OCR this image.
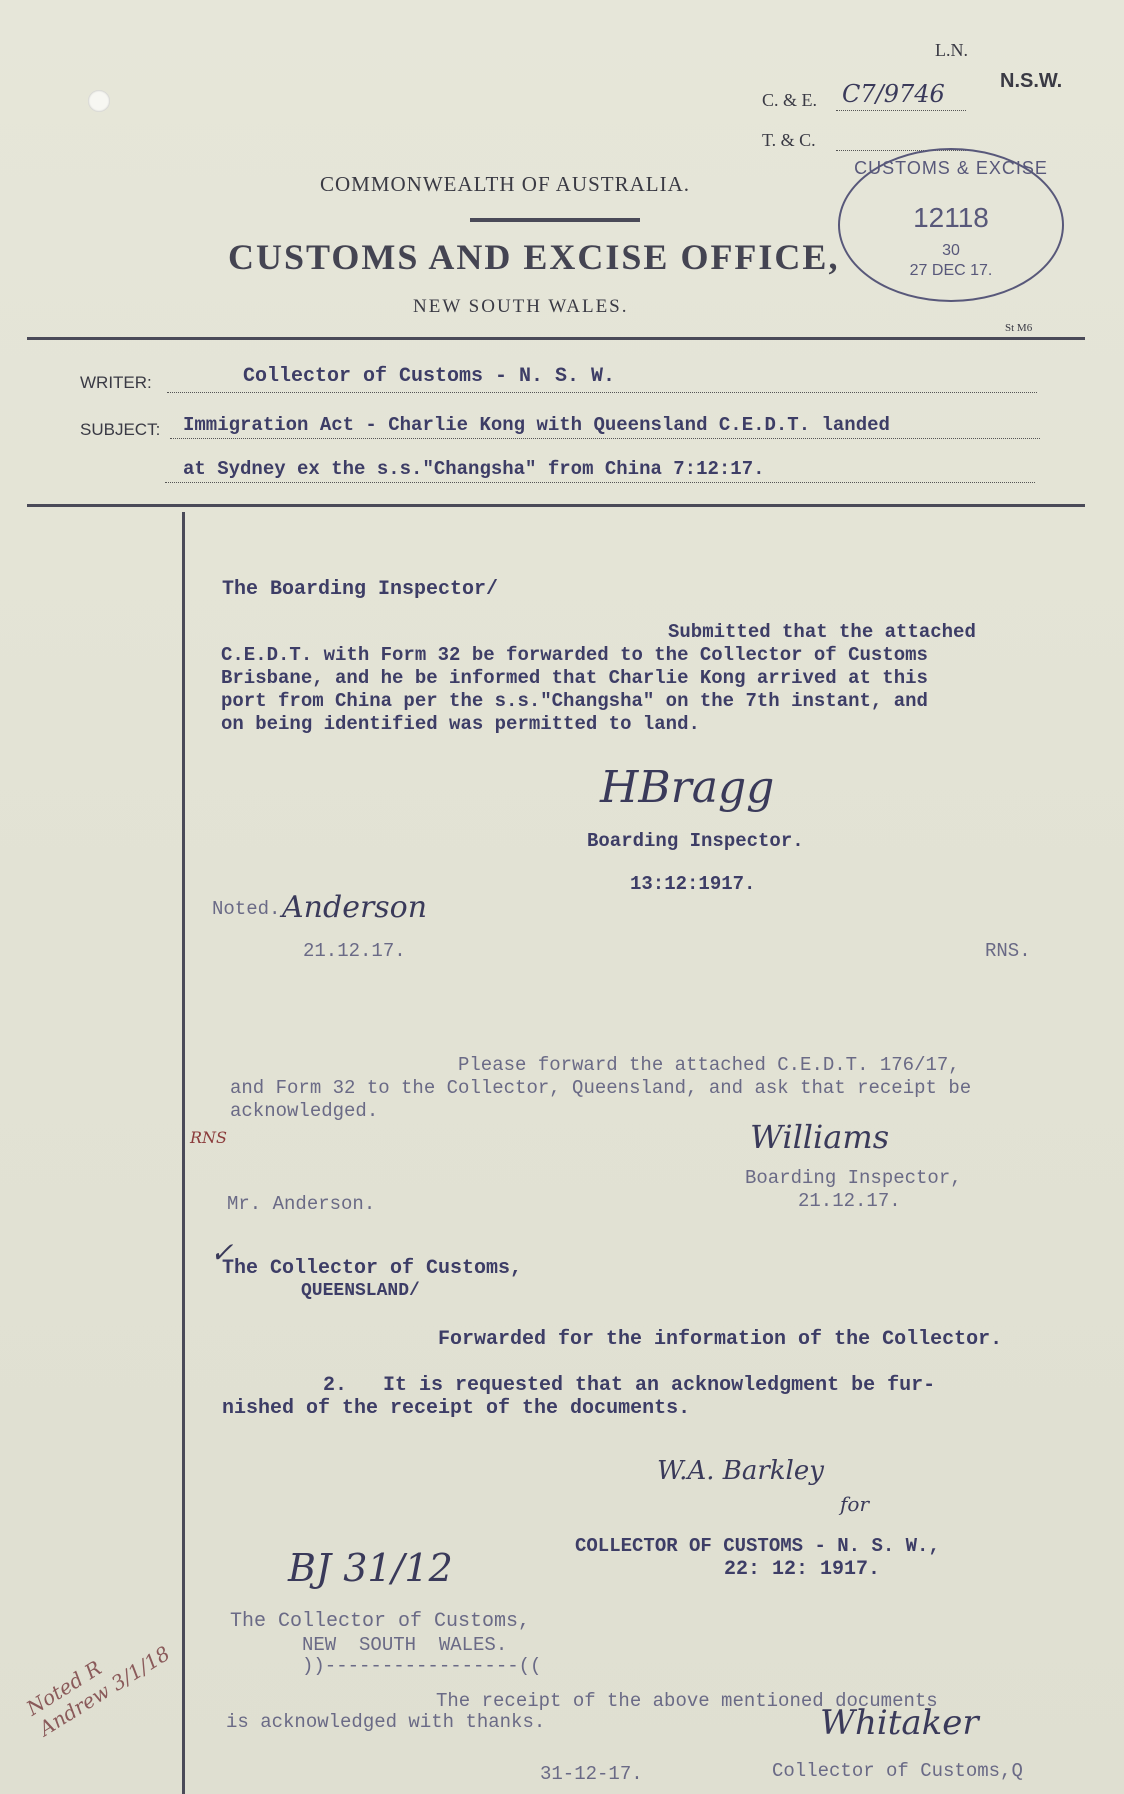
L.N.
N.S.W.
C. & E. C7/9746
T. & C.
COMMONWEALTH OF AUSTRALIA.
CUSTOMS AND EXCISE OFFICE,
NEW SOUTH WALES.
St M6
CUSTOMS & EXCISE
12118
30
27 DEC 17.
WRITER:	Collector of Customs - N. S. W.
SUBJECT: Immigration Act - Charlie Kong with Queensland C.E.D.T. landed
at Sydney ex the s.s."Changsha" from China 7:12:17.
The Boarding Inspector/
Submitted that the attached
C.E.D.T. with Form 32 be forwarded to the Collector of Customs
Brisbane, and he be informed that Charlie Kong arrived at this
port from China per the s.s."Changsha" on the 7th instant, and
on being identified was permitted to land.
HBragg
Boarding Inspector.
13:12:1917.
Noted. Anderson
21.12.17.	RNS.
Please forward the attached C.E.D.T. 176/17,
and Form 32 to the Collector, Queensland, and ask that receipt be
acknowledged.
RNS	Williams
Boarding Inspector,
21.12.17.
Mr. Anderson.
✓
The Collector of Customs,
QUEENSLAND/
Forwarded for the information of the Collector.
2.   It is requested that an acknowledgment be fur-
nished of the receipt of the documents.
W.A. Barkley
for
COLLECTOR OF CUSTOMS - N. S. W.,
22: 12: 1917.
BJ 31/12
The Collector of Customs,
NEW  SOUTH  WALES.
))-----------------((
The receipt of the above mentioned documents
is acknowledged with thanks.
31-12-17.
Whitaker
Collector of Customs,Q
Noted R Andrew 3/1/18
